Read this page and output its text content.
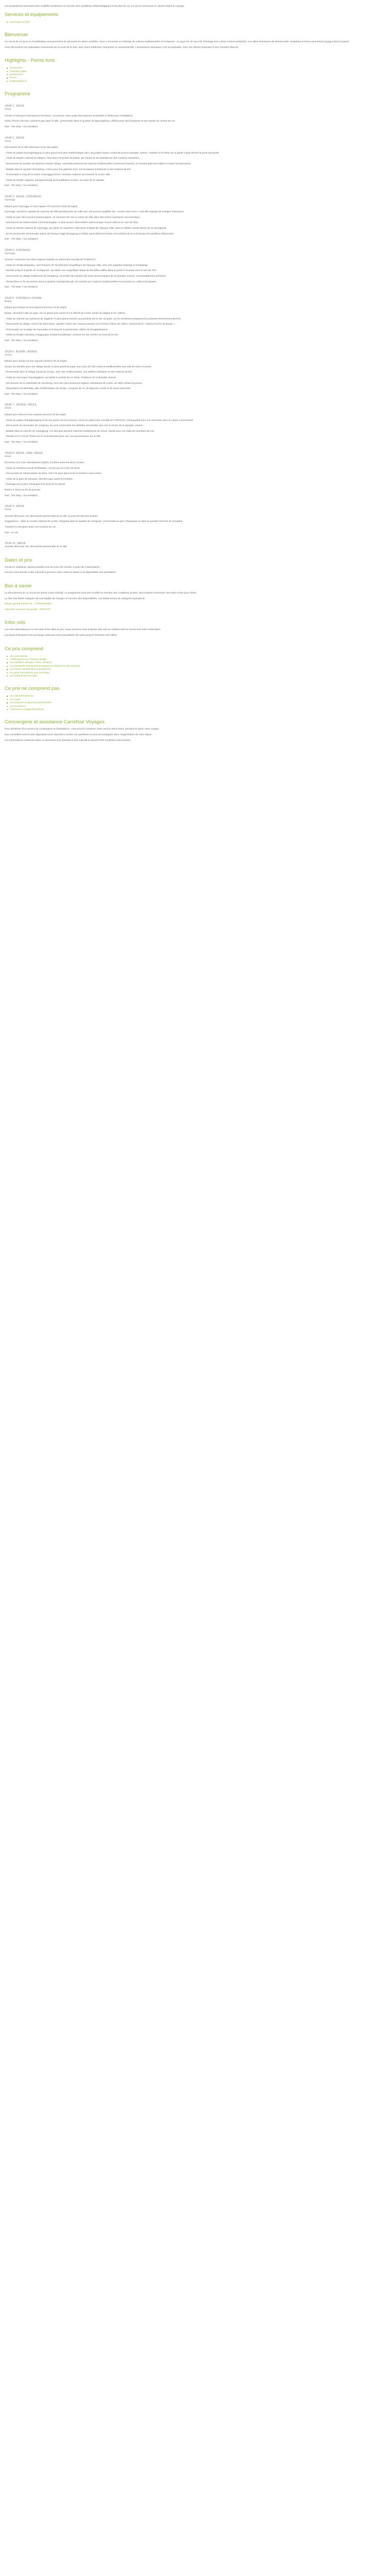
Les programmes pourraient être modifiés localement en fonction des conditions météorologiques et du plan de vol. Ce qui ne remet pas en cause l'esprit du voyage.

Services et équipements
Couchage en hôtel
Bienvenue

Ce circuit de 14 jours en Ouzbékistan vous permettra de découvrir la culture ouzbèke. Vous y trouverez un mélange de cultures traditionnelles et modernes : un pays où, de surcroît, l'héritage et la culture restent préservés. Les villes historiques de Samarcande, Boukhara et Khiva vous feront voyager dans le passé.

Vous découvrirez les splendides monuments de la route de la soie, avec leurs médersas, mosquées et caravansérails. L'architecture islamique y est remarquable, avec ses dômes turquoise et ses minarets élancés.

Highlights - Points forts
TACHKENT
SAMARCANDE
BOUKHARA
KHIVA
OURGUENTCH
Programme

JOUR 1 : SÉOUL

Séoul

Arrivée à l'aéroport international d'Incheon. Accueil par votre guide francophone et transfert à l'hôtel pour l'installation.

Selon l'heure d'arrivée, premiers pas dans la ville : promenade dans le quartier de Myeongdong, célèbre pour ses boutiques et ses stands de cuisine de rue.

Nuit : The Way ? (ou similaire)

JOUR 2 : SÉOUL

Séoul

Découverte de la ville historique et de ses palais :

- Visite du palais Gyeongbokgung, le plus grand et le plus emblématique des cinq palais royaux construits sous la dynastie Joseon. Assistez à la relève de la garde royale devant la porte principale.

- Visite du Musée national du folklore, situé dans l'enceinte du palais, qui retrace la vie quotidienne des Coréens d'autrefois.

- Découverte du quartier de Bukchon Hanok Village, ensemble préservé de maisons traditionnelles coréennes (hanok), où vivaient jadis les nobles et hauts fonctionnaires.

- Balade dans le quartier d'Insadong, connu pour ses galeries d'art, ses boutiques d'artisanat et ses maisons de thé.

- Promenade le long de la rivière Cheonggyecheon, ruisseau restauré qui traverse le centre-ville.

- Visite du temple Jogyesa, principal temple du bouddhisme coréen, au cœur de la capitale.

Nuit : The Way ? (ou similaire)

JOUR 3 : SÉOUL / GYEONGJU

Gyeongju

Départ pour Gyeongju en train rapide KTX (environ 2h30 de trajet).

Gyeongju, ancienne capitale du royaume de Silla pendant près de mille ans, est souvent qualifiée de « musée sans murs » tant elle regorge de vestiges historiques.

- Visite du parc des tumulus Daereungwon, où reposent les rois et reines de Silla dans des tertres funéraires monumentaux.

- Découverte de l'observatoire Cheomseongdae, le plus ancien observatoire astronomique encore debout en Asie de l'Est.

- Visite du Musée national de Gyeongju, qui abrite de superbes collections d'objets de l'époque Silla, dont la célèbre cloche divine du roi Seongdeok.

- En fin de journée, promenade autour de l'étang Anapji (Donggung et Wolji), particulièrement beau à la tombée de la nuit lorsque les pavillons s'illuminent.

Nuit : The Way ? (ou similaire)

JOUR 4 : GYEONGJU

Gyeongju

Journée consacrée aux sites majeurs classés au patrimoine mondial de l'UNESCO :

- Visite du temple Bulguksa, chef-d'œuvre de l'architecture bouddhique de l'époque Silla, avec ses pagodes Dabotap et Seokgatap.

- Montée jusqu'à la grotte de Seokguram, qui abrite une magnifique statue du Bouddha taillée dans le granit et tournée vers la mer de l'Est.

- Découverte du village traditionnel de Yangdong, ensemble de maisons de clans aristocratiques de la dynastie Joseon, remarquablement préservé.

- Temps libre en fin de journée dans le quartier Hwangnidan-gil, rue animée aux maisons traditionnelles reconverties en cafés et boutiques.

Nuit : The Way ? (ou similaire)

JOUR 5 : GYEONGJU / BUSAN

Busan

Départ pour Busan en bus express (environ 1h de trajet).

Busan, deuxième ville du pays, est un grand port ouvert sur le détroit de Corée, bordé de plages et de collines.

- Visite du marché aux poissons de Jagalchi, le plus grand marché aux produits de la mer du pays, où les vendeuses préparent les poissons fraîchement pêchés.

- Découverte du village culturel de Gamcheon, quartier coloré aux maisons peintes accrochées à flanc de colline, surnommé le « Machu Picchu de Busan ».

- Promenade sur la plage de Haeundae et le long de la promenade côtière de Dongbaekseom.

- Visite du temple Haedong Yonggungsa, temple bouddhique construit sur les rochers au bord de la mer.

Nuit : The Way ? (ou similaire)

JOUR 6 : BUSAN / JEONJU

Jeonju

Départ pour Jeonju en bus express (environ 3h de trajet).

Jeonju est réputée pour son village hanok, le plus grand du pays, avec plus de 700 maisons traditionnelles aux toits de tuiles incurvés.

- Promenade dans le village hanok de Jeonju, avec ses ruelles pavées, ses ateliers d'artisans et ses maisons de thé.

- Visite du sanctuaire Gyeonggijeon, qui abrite le portrait du roi Taejo, fondateur de la dynastie Joseon.

- Découverte de la cathédrale de Jeondong, l'une des plus anciennes églises catholiques de Corée, de style romano-byzantin.

- Dégustation du bibimbap, plat emblématique de Jeonju, composé de riz, de légumes variés et de sauce pimentée.

Nuit : The Way ? (ou similaire)

JOUR 7 : JEONJU / SÉOUL

Séoul

Départ pour Séoul en bus express (environ 3h de trajet).

- Visite du palais Changdeokgung et de son jardin secret (Huwon), inscrit au patrimoine mondial de l'UNESCO, remarquable pour son harmonie avec la nature environnante.

- Découverte du sanctuaire de Jongmyo, où sont conservées les tablettes ancestrales des rois et reines de la dynastie Joseon.

- Balade dans le marché de Gwangjang, l'un des plus anciens marchés traditionnels de Séoul, réputé pour ses étals de nourriture de rue.

- Montée à la N Seoul Tower sur le mont Namsan pour une vue panoramique sur la ville.

Nuit : The Way ? (ou similaire)

JOUR 8 : SÉOUL / DMZ / SÉOUL

Séoul

Excursion à la zone démilitarisée (DMZ), frontière entre les deux Corées :

- Visite du troisième tunnel d'infiltration, creusé par la Corée du Nord.

- Découverte de l'observatoire de Dora, d'où l'on peut apercevoir le territoire nord-coréen.

- Visite de la gare de Dorasan, dernière gare avant la frontière.

- Passage par le parc d'Imjingak et le pont de la Liberté.

Retour à Séoul en fin de journée.

Nuit : The Way ? (ou similaire)

JOUR 9 : SÉOUL

Séoul

Journée libre pour une découverte personnelle de la ville ou pour les derniers achats.

Suggestions : visite du musée national de Corée, shopping dans le quartier de Gangnam, promenade au parc Olympique ou dans le quartier branché de Hongdae.

Transfert à l'aéroport selon vos horaires de vol.

Nuit : en vol

JOUR 10 : SÉOUL

Journée libre pour une découverte personnelle de la ville.

Dates et prix

Circuit en individuel, départ possible tous les jours de l'année, à partir de 2 participants.

Les prix sont donnés à titre indicatif et peuvent varier selon la saison et la disponibilité des prestations.

Bon à savoir

Le déroulement de ce circuit est donné à titre indicatif. Le programme peut être modifié en fonction des conditions locales, des horaires d'ouverture des sites et des jours fériés.

La liste des hôtels indiquée est susceptible de changer en fonction des disponibilités. Les hôtels seront de catégorie équivalente.

Départ garanti à partir de : 2 PERSONNES

Capacité maximum du groupe : PRIVATIF

Infos vols

Les vols internationaux ne sont pas inclus dans le prix. Nous pouvons vous proposer des vols au meilleur tarif au moment de votre réservation.

Les taxes d'aéroport et la surcharge carburant sont susceptibles de varier jusqu'à l'émission des billets.

Ce prix comprend
Les vols internes
L'hébergement en chambre double
Les transferts aéroport / hôtel / aéroport
Les transports mentionnés au programme (train KTX, bus express)
Les visites mentionnées au programme
Un guide francophone pour les visites
Les entrées dans les sites
Ce prix ne comprend pas
Les vols internationaux
Les repas
Les boissons et dépenses personnelles
Les pourboires
L'assurance voyage (facultative)
Conciergerie et assistance Carrefour Voyages

Pour bénéficier d'un service de conciergerie et d'assistance, vous pouvez contacter notre service client avant, pendant et après votre voyage.

Nos conseillers sont à votre disposition pour répondre à toutes vos questions et vous accompagner dans l'organisation de votre séjour.

Les informations contenues dans ce document sont données à titre indicatif et peuvent être modifiées sans préavis.
